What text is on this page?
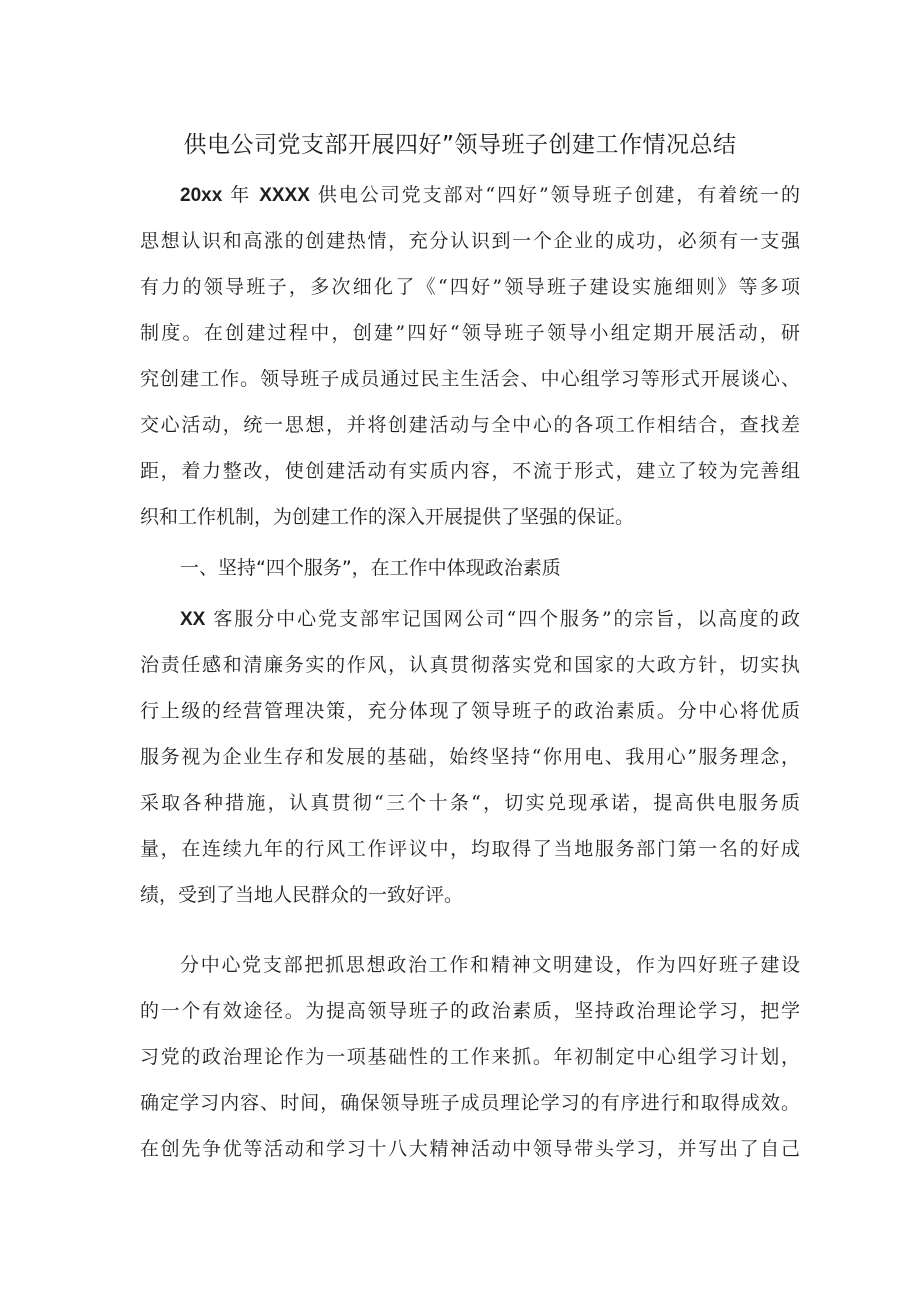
供电公司党支部开展四好”领导班子创建工作情况总结
20xx 年 XXXX 供电公司党支部对“四好”领导班子创建，有着统一的
思想认识和高涨的创建热情，充分认识到一个企业的成功，必须有一支强
有力的领导班子，多次细化了《“四好”领导班子建设实施细则》等多项
制度。在创建过程中，创建”四好“领导班子领导小组定期开展活动，研
究创建工作。领导班子成员通过民主生活会、中心组学习等形式开展谈心、
交心活动，统一思想，并将创建活动与全中心的各项工作相结合，查找差
距，着力整改，使创建活动有实质内容，不流于形式，建立了较为完善组
织和工作机制，为创建工作的深入开展提供了坚强的保证。
一、坚持“四个服务”，在工作中体现政治素质
XX 客服分中心党支部牢记国网公司“四个服务”的宗旨，以高度的政
治责任感和清廉务实的作风，认真贯彻落实党和国家的大政方针，切实执
行上级的经营管理决策，充分体现了领导班子的政治素质。分中心将优质
服务视为企业生存和发展的基础，始终坚持“你用电、我用心”服务理念，
采取各种措施，认真贯彻“三个十条“，切实兑现承诺，提高供电服务质
量，在连续九年的行风工作评议中，均取得了当地服务部门第一名的好成
绩，受到了当地人民群众的一致好评。
分中心党支部把抓思想政治工作和精神文明建设，作为四好班子建设
的一个有效途径。为提高领导班子的政治素质，坚持政治理论学习，把学
习党的政治理论作为一项基础性的工作来抓。年初制定中心组学习计划，
确定学习内容、时间，确保领导班子成员理论学习的有序进行和取得成效。
在创先争优等活动和学习十八大精神活动中领导带头学习，并写出了自己
